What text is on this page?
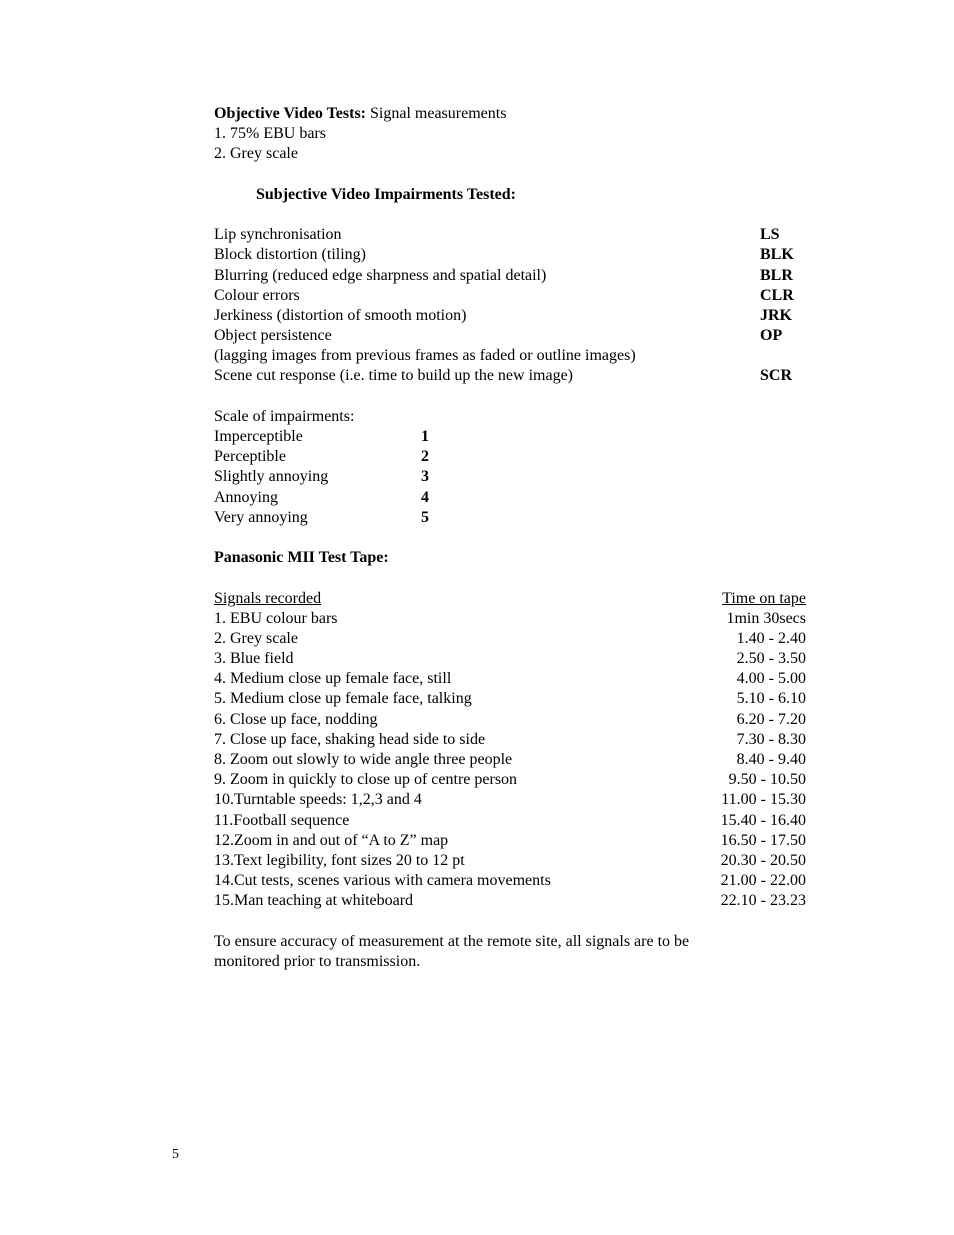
Objective Video Tests: Signal measurements
1. 75% EBU bars
2. Grey scale
Subjective Video Impairments Tested:
Lip synchronisation	LS
Block distortion (tiling)	BLK
Blurring (reduced edge sharpness and spatial detail)	BLR
Colour errors	CLR
Jerkiness (distortion of smooth motion)	JRK
Object persistence	OP
(lagging images from previous frames as faded or outline images)
Scene cut response (i.e. time to build up the new image)	SCR
Scale of impairments:
Imperceptible	1
Perceptible	2
Slightly annoying	3
Annoying	4
Very annoying	5
Panasonic MII Test Tape:
Signals recorded	Time on tape
1. EBU colour bars	1min 30secs
2. Grey scale	1.40 - 2.40
3. Blue field	2.50 - 3.50
4. Medium close up female face, still	4.00 - 5.00
5. Medium close up female face, talking	5.10 - 6.10
6. Close up face, nodding	6.20 - 7.20
7. Close up face, shaking head side to side	7.30 - 8.30
8. Zoom out slowly to wide angle three people	8.40 - 9.40
9. Zoom in quickly to close up of centre person	9.50 - 10.50
10.Turntable speeds: 1,2,3 and 4	11.00 - 15.30
11.Football sequence	15.40 - 16.40
12.Zoom in and out of “A to Z” map	16.50 - 17.50
13.Text legibility, font sizes 20 to 12 pt	20.30 - 20.50
14.Cut tests, scenes various with camera movements	21.00 - 22.00
15.Man teaching at whiteboard	22.10 - 23.23
To ensure accuracy of measurement at the remote site, all signals are to be
monitored prior to transmission.
5
